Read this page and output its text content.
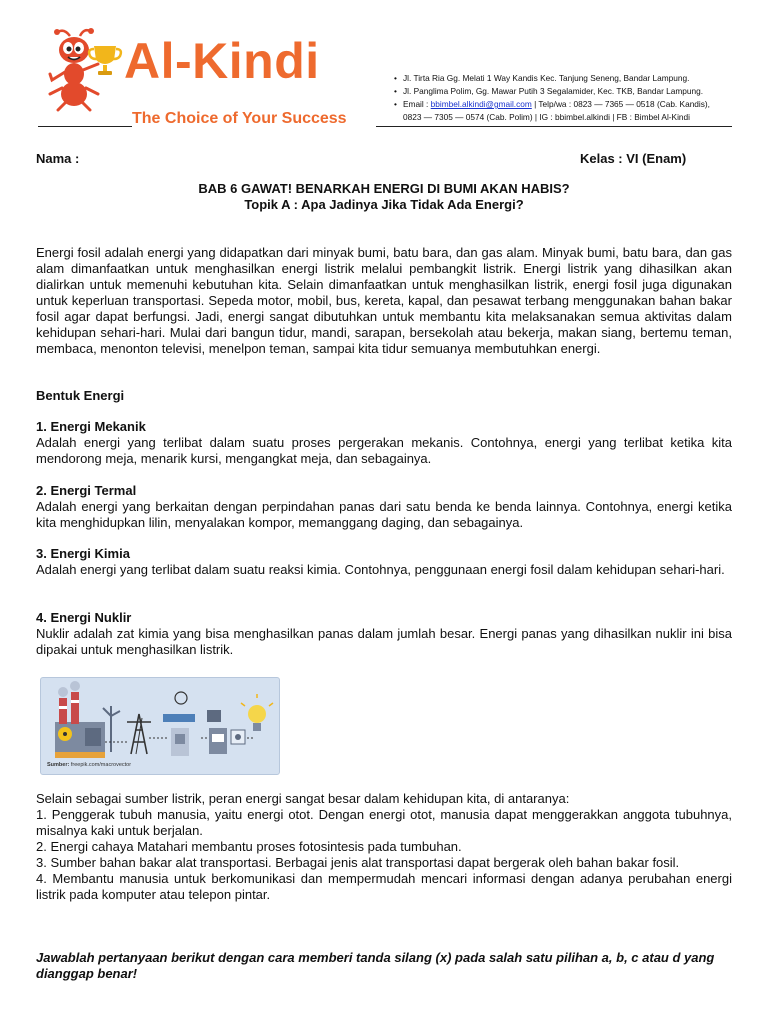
Al-Kindi
The Choice of Your Success
• Jl. Tirta Ria Gg. Melati 1 Way Kandis Kec. Tanjung Seneng, Bandar Lampung.
• Jl. Panglima Polim, Gg. Mawar Putih 3 Segalamider, Kec. TKB, Bandar Lampung.
• Email : bbimbel.alkindi@gmail.com | Telp/wa : 0823 — 7365 — 0518 (Cab. Kandis),
0823 — 7305 — 0574 (Cab. Polim) | IG : bbimbel.alkindi | FB : Bimbel Al-Kindi
Nama :	Kelas : VI (Enam)
BAB 6 GAWAT! BENARKAH ENERGI DI BUMI AKAN HABIS?
Topik A : Apa Jadinya Jika Tidak Ada Energi?

Energi fosil adalah energi yang didapatkan dari minyak bumi, batu bara, dan gas alam. Minyak bumi, batu bara, dan gas alam dimanfaatkan untuk menghasilkan energi listrik melalui pembangkit listrik. Energi listrik yang dihasilkan akan dialirkan untuk memenuhi kebutuhan kita. Selain dimanfaatkan untuk menghasilkan listrik, energi fosil juga digunakan untuk keperluan transportasi. Sepeda motor, mobil, bus, kereta, kapal, dan pesawat terbang menggunakan bahan bakar fosil agar dapat berfungsi. Jadi, energi sangat dibutuhkan untuk membantu kita melaksanakan semua aktivitas dalam kehidupan sehari-hari. Mulai dari bangun tidur, mandi, sarapan, bersekolah atau bekerja, makan siang, bertemu teman, membaca, menonton televisi, menelpon teman, sampai kita tidur semuanya membutuhkan energi.

Bentuk Energi
1. Energi Mekanik

Adalah energi yang terlibat dalam suatu proses pergerakan mekanis. Contohnya, energi yang terlibat ketika kita mendorong meja, menarik kursi, mengangkat meja, dan sebagainya.

2. Energi Termal

Adalah energi yang berkaitan dengan perpindahan panas dari satu benda ke benda lainnya. Contohnya, energi ketika kita menghidupkan lilin, menyalakan kompor, memanggang daging, dan sebagainya.

3. Energi Kimia

Adalah energi yang terlibat dalam suatu reaksi kimia. Contohnya, penggunaan energi fosil dalam kehidupan sehari-hari.

4. Energi Nuklir

Nuklir adalah zat kimia yang bisa menghasilkan panas dalam jumlah besar. Energi panas yang dihasilkan nuklir ini bisa dipakai untuk menghasilkan listrik.

Sumber: freepik.com/macrovector

Selain sebagai sumber listrik, peran energi sangat besar dalam kehidupan kita, di antaranya:

1. Penggerak tubuh manusia, yaitu energi otot. Dengan energi otot, manusia dapat menggerakkan anggota tubuhnya, misalnya kaki untuk berjalan.

2. Energi cahaya Matahari membantu proses fotosintesis pada tumbuhan.

3. Sumber bahan bakar alat transportasi. Berbagai jenis alat transportasi dapat bergerak oleh bahan bakar fosil.

4. Membantu manusia untuk berkomunikasi dan mempermudah mencari informasi dengan adanya perubahan energi listrik pada komputer atau telepon pintar.

Jawablah pertanyaan berikut dengan cara memberi tanda silang (x) pada salah satu pilihan a, b, c atau d yang dianggap benar!
